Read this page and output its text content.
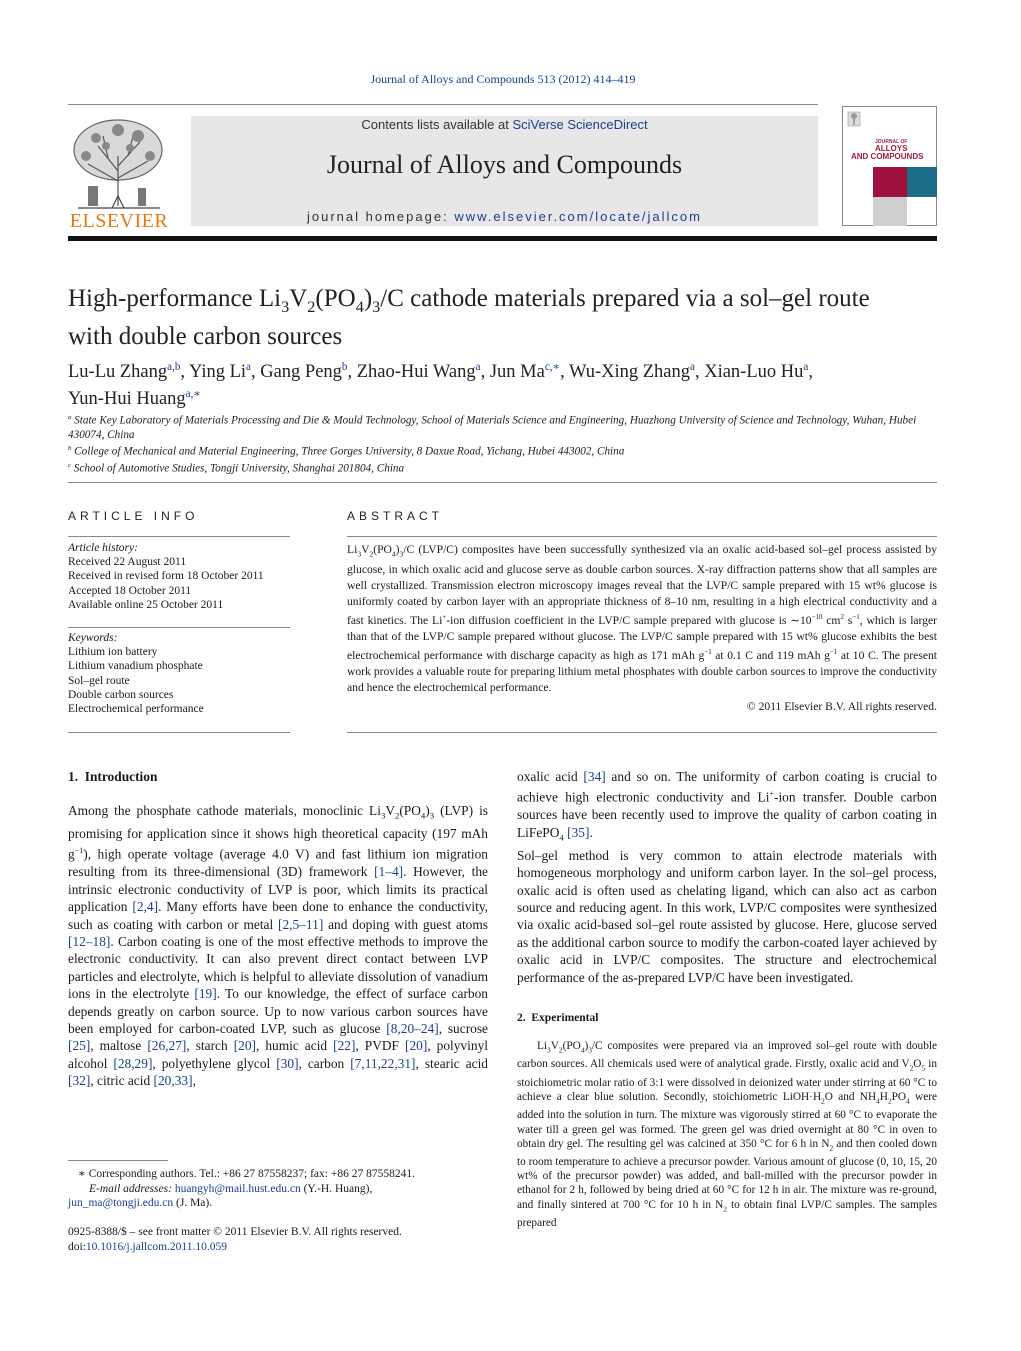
Journal of Alloys and Compounds 513 (2012) 414–419
ELSEVIER
Contents lists available at SciVerse ScienceDirect
Journal of Alloys and Compounds
journal homepage: www.elsevier.com/locate/jallcom
JOURNAL OF
ALLOYS
AND COMPOUNDS
High-performance $Li_3V_2(PO_4)_3/C$ cathode materials prepared via a sol–gel route
with double carbon sources
Lu-Lu Zhang$^{a,b}$, Ying Li$^a$, Gang Peng$^b$, Zhao-Hui Wang$^a$, Jun $Ma^{c,∗}$, Wu-Xing Zhang$^a$, Xian-Luo Hu$^a$,
Yun-Hui Huang$^{a,∗}$
$^a$ State Key Laboratory of Materials Processing and Die & Mould Technology, School of Materials Science and Engineering, Huazhong University of Science and Technology, Wuhan, Hubei 430074, China
$^b$ College of Mechanical and Material Engineering, Three Gorges University, 8 Daxue Road, Yichang, Hubei 443002, China
$^c$ School of Automotive Studies, Tongji University, Shanghai 201804, China
ARTICLE INFO
Article history:
Received 22 August 2011
Received in revised form 18 October 2011
Accepted 18 October 2011
Available online 25 October 2011
Keywords:
Lithium ion battery
Lithium vanadium phosphate
Sol–gel route
Double carbon sources
Electrochemical performance
ABSTRACT
$Li_3V_2(PO_4)_3/C$ (LVP/C) composites have been successfully synthesized via an oxalic acid-based sol–gel process assisted by glucose, in which oxalic acid and glucose serve as double carbon sources. X-ray diffraction patterns show that all samples are well crystallized. Transmission electron microscopy images reveal that the LVP/C sample prepared with 15 wt% glucose is uniformly coated by carbon layer with an appropriate thickness of 8–10 nm, resulting in a high electrical conductivity and a fast kinetics. The Li+-ion diffusion coefficient in the LVP/C sample prepared with glucose is $\sim 10^{-10}$ $cm^2$ $s^{-1}$, which is larger than that of the LVP/C sample prepared without glucose. The LVP/C sample prepared with 15 wt% glucose exhibits the best electrochemical performance with discharge capacity as high as 171 mAh $g^{-1}$ at 0.1 C and 119 mAh $g^{-1}$ at 10 C. The present work provides a valuable route for preparing lithium metal phosphates with double carbon sources to improve the conductivity and hence the electrochemical performance.
© 2011 Elsevier B.V. All rights reserved.
1.  Introduction

Among the phosphate cathode materials, monoclinic $Li_3V_2(PO_4)_3$ (LVP) is promising for application since it shows high theoretical capacity (197 mAh $g^{-1}$), high operate voltage (average 4.0 V) and fast lithium ion migration resulting from its three-dimensional (3D) framework [1–4]. However, the intrinsic electronic conductivity of LVP is poor, which limits its practical application [2,4]. Many efforts have been done to enhance the conductivity, such as coating with carbon or metal [2,5–11] and doping with guest atoms [12–18]. Carbon coating is one of the most effective methods to improve the electronic conductivity. It can also prevent direct contact between LVP particles and electrolyte, which is helpful to alleviate dissolution of vanadium ions in the electrolyte [19]. To our knowledge, the effect of surface carbon depends greatly on carbon source. Up to now various carbon sources have been employed for carbon-coated LVP, such as glucose [8,20–24], sucrose [25], maltose [26,27], starch [20], humic acid [22], PVDF [20], polyvinyl alcohol [28,29], polyethylene glycol [30], carbon [7,11,22,31], stearic acid [32], citric acid [20,33],

oxalic acid [34] and so on. The uniformity of carbon coating is crucial to achieve high electronic conductivity and Li+-ion transfer. Double carbon sources have been recently used to improve the quality of carbon coating in LiFePO$_4$ [35].

Sol–gel method is very common to attain electrode materials with homogeneous morphology and uniform carbon layer. In the sol–gel process, oxalic acid is often used as chelating ligand, which can also act as carbon source and reducing agent. In this work, LVP/C composites were synthesized via oxalic acid-based sol–gel route assisted by glucose. Here, glucose served as the additional carbon source to modify the carbon-coated layer achieved by oxalic acid in LVP/C composites. The structure and electrochemical performance of the as-prepared LVP/C have been investigated.

2.  Experimental

$Li_3V_2(PO_4)_3/C$ composites were prepared via an improved sol–gel route with double carbon sources. All chemicals used were of analytical grade. Firstly, oxalic acid and $V_2O_5$ in stoichiometric molar ratio of 3:1 were dissolved in deionized water under stirring at 60 °C to achieve a clear blue solution. Secondly, stoichiometric $LiOH\cdot H_2O$ and $NH_4H_2PO_4$ were added into the solution in turn. The mixture was vigorously stirred at 60 °C to evaporate the water till a green gel was formed. The green gel was dried overnight at 80 °C in oven to obtain dry gel. The resulting gel was calcined at 350 °C for 6 h in $N_2$ and then cooled down to room temperature to achieve a precursor powder. Various amount of glucose (0, 10, 15, 20 wt% of the precursor powder) was added, and ball-milled with the precursor powder in ethanol for 2 h, followed by being dried at 60 °C for 12 h in air. The mixture was re-ground, and finally sintered at 700 °C for 10 h in $N_2$ to obtain final LVP/C samples. The samples prepared

∗ Corresponding authors. Tel.: +86 27 87558237; fax: +86 27 87558241.
E-mail addresses: huangyh@mail.hust.edu.cn (Y.-H. Huang),
jun_ma@tongji.edu.cn (J. Ma).
0925-8388/$ – see front matter © 2011 Elsevier B.V. All rights reserved.
doi:10.1016/j.jallcom.2011.10.059
